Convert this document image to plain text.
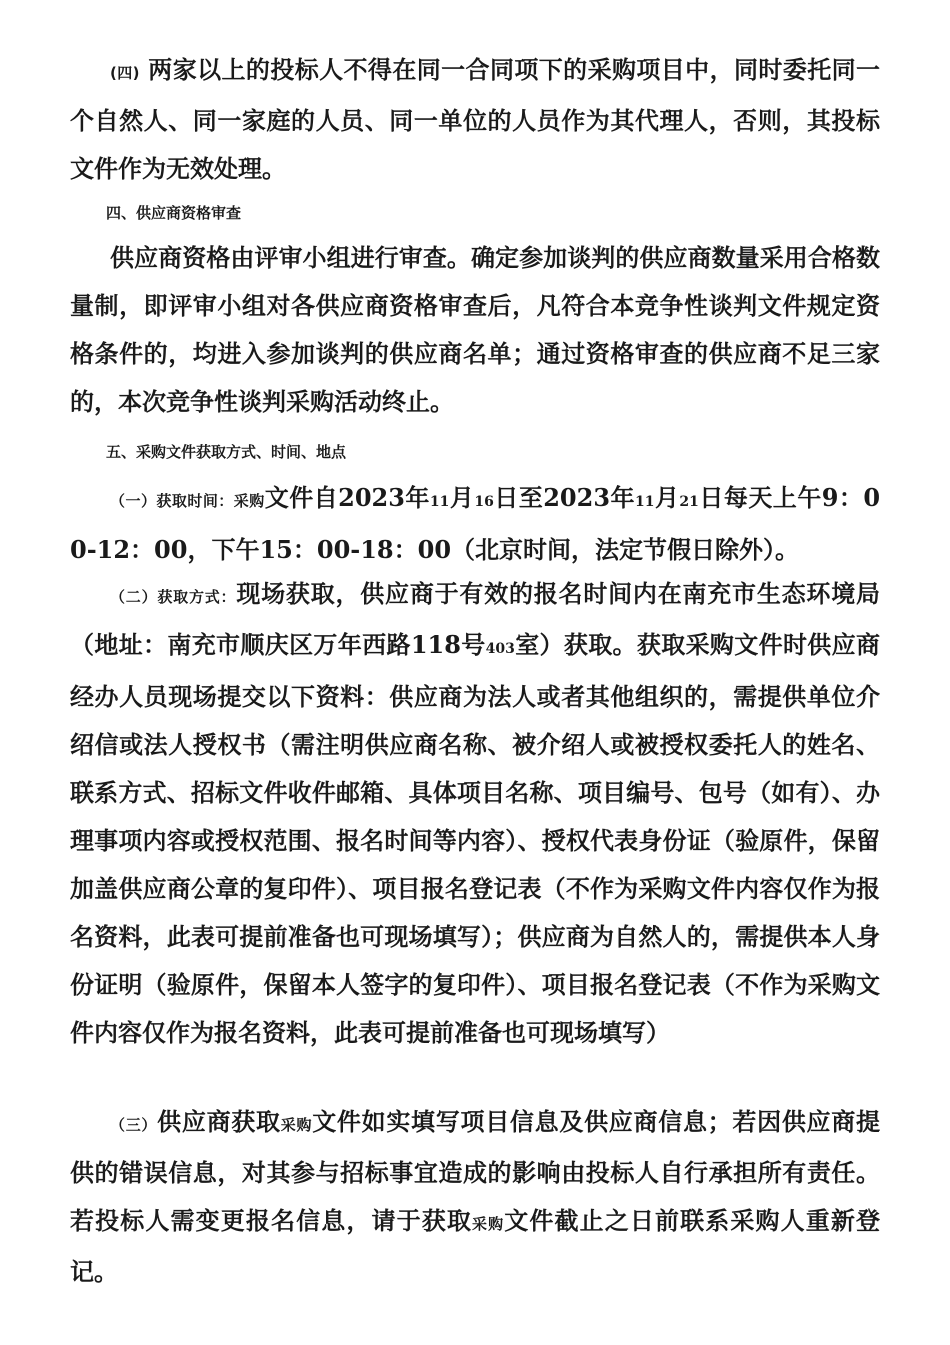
(四) 两家以上的投标人不得在同一合同项下的采购项目中，同时委托同一个自然人、同一家庭的人员、同一单位的人员作为其代理人，否则，其投标文件作为无效处理。

四、供应商资格审查

供应商资格由评审小组进行审查。确定参加谈判的供应商数量采用合格数量制，即评审小组对各供应商资格审查后，凡符合本竞争性谈判文件规定资格条件的，均进入参加谈判的供应商名单；通过资格审查的供应商不足三家的，本次竞争性谈判采购活动终止。

五、采购文件获取方式、时间、地点

（一）获取时间：采购文件自2023年11月16日至2023年11月21日每天上午9：00-12：00，下午15：00-18：00（北京时间，法定节假日除外）。

（二）获取方式：现场获取，供应商于有效的报名时间内在南充市生态环境局（地址：南充市顺庆区万年西路118号403室）获取。获取采购文件时供应商经办人员现场提交以下资料：供应商为法人或者其他组织的，需提供单位介绍信或法人授权书（需注明供应商名称、被介绍人或被授权委托人的姓名、联系方式、招标文件收件邮箱、具体项目名称、项目编号、包号（如有）、办理事项内容或授权范围、报名时间等内容）、授权代表身份证（验原件，保留加盖供应商公章的复印件）、项目报名登记表（不作为采购文件内容仅作为报名资料，此表可提前准备也可现场填写）；供应商为自然人的，需提供本人身份证明（验原件，保留本人签字的复印件）、项目报名登记表（不作为采购文件内容仅作为报名资料，此表可提前准备也可现场填写）

（三）供应商获取采购文件如实填写项目信息及供应商信息；若因供应商提供的错误信息，对其参与招标事宜造成的影响由投标人自行承担所有责任。若投标人需变更报名信息，请于获取采购文件截止之日前联系采购人重新登记。
